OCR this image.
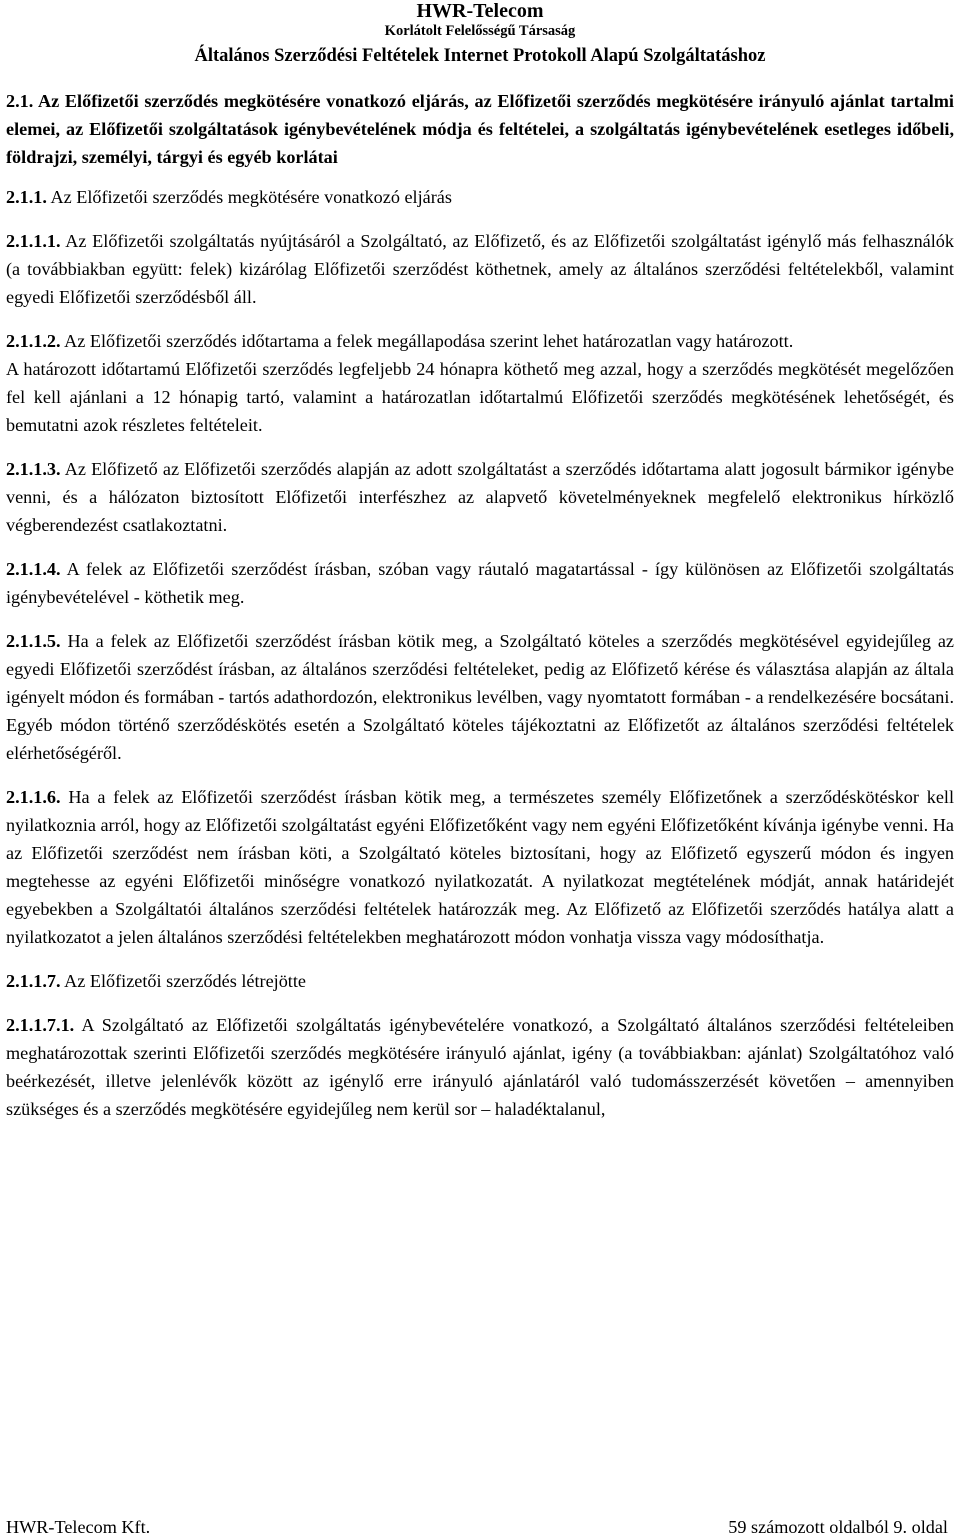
HWR-Telecom
Korlátolt Felelősségű Társaság
Általános Szerződési Feltételek Internet Protokoll Alapú Szolgáltatáshoz
2.1. Az Előfizetői szerződés megkötésére vonatkozó eljárás, az Előfizetői szerződés megkötésére irányuló ajánlat tartalmi elemei, az Előfizetői szolgáltatások igénybevételének módja és feltételei, a szolgáltatás igénybevételének esetleges időbeli, földrajzi, személyi, tárgyi és egyéb korlátai
2.1.1. Az Előfizetői szerződés megkötésére vonatkozó eljárás

2.1.1.1. Az Előfizetői szolgáltatás nyújtásáról a Szolgáltató, az Előfizető, és az Előfizetői szolgáltatást igénylő más felhasználók (a továbbiakban együtt: felek) kizárólag Előfizetői szerződést köthetnek, amely az általános szerződési feltételekből, valamint egyedi Előfizetői szerződésből áll.

2.1.1.2. Az Előfizetői szerződés időtartama a felek megállapodása szerint lehet határozatlan vagy határozott.

A határozott időtartamú Előfizetői szerződés legfeljebb 24 hónapra köthető meg azzal, hogy a szerződés megkötését megelőzően fel kell ajánlani a 12 hónapig tartó, valamint a határozatlan időtartalmú Előfizetői szerződés megkötésének lehetőségét, és bemutatni azok részletes feltételeit.

2.1.1.3. Az Előfizető az Előfizetői szerződés alapján az adott szolgáltatást a szerződés időtartama alatt jogosult bármikor igénybe venni, és a hálózaton biztosított Előfizetői interfészhez az alapvető követelményeknek megfelelő elektronikus hírközlő végberendezést csatlakoztatni.

2.1.1.4. A felek az Előfizetői szerződést írásban, szóban vagy ráutaló magatartással - így különösen az Előfizetői szolgáltatás igénybevételével - köthetik meg.

2.1.1.5. Ha a felek az Előfizetői szerződést írásban kötik meg, a Szolgáltató köteles a szerződés megkötésével egyidejűleg az egyedi Előfizetői szerződést írásban, az általános szerződési feltételeket, pedig az Előfizető kérése és választása alapján az általa igényelt módon és formában - tartós adathordozón, elektronikus levélben, vagy nyomtatott formában - a rendelkezésére bocsátani. Egyéb módon történő szerződéskötés esetén a Szolgáltató köteles tájékoztatni az Előfizetőt az általános szerződési feltételek elérhetőségéről.

2.1.1.6. Ha a felek az Előfizetői szerződést írásban kötik meg, a természetes személy Előfizetőnek a szerződéskötéskor kell nyilatkoznia arról, hogy az Előfizetői szolgáltatást egyéni Előfizetőként vagy nem egyéni Előfizetőként kívánja igénybe venni. Ha az Előfizetői szerződést nem írásban köti, a Szolgáltató köteles biztosítani, hogy az Előfizető egyszerű módon és ingyen megtehesse az egyéni Előfizetői minőségre vonatkozó nyilatkozatát. A nyilatkozat megtételének módját, annak határidejét egyebekben a Szolgáltatói általános szerződési feltételek határozzák meg. Az Előfizető az Előfizetői szerződés hatálya alatt a nyilatkozatot a jelen általános szerződési feltételekben meghatározott módon vonhatja vissza vagy módosíthatja.

2.1.1.7. Az Előfizetői szerződés létrejötte

2.1.1.7.1. A Szolgáltató az Előfizetői szolgáltatás igénybevételére vonatkozó, a Szolgáltató általános szerződési feltételeiben meghatározottak szerinti Előfizetői szerződés megkötésére irányuló ajánlat, igény (a továbbiakban: ajánlat) Szolgáltatóhoz való beérkezését, illetve jelenlévők között az igénylő erre irányuló ajánlatáról való tudomásszerzését követően – amennyiben szükséges és a szerződés megkötésére egyidejűleg nem kerül sor – haladéktalanul,

HWR-Telecom Kft.	59 számozott oldalból 9. oldal
